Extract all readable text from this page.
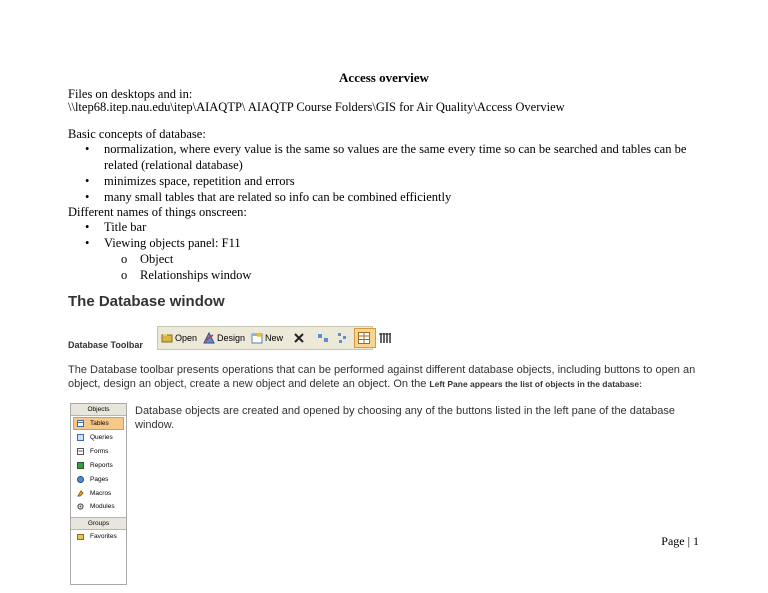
Access overview
Files on desktops and in:
\\ltep68.itep.nau.edu\itep\AIAQTP\ AIAQTP Course Folders\GIS for Air Quality\Access Overview
Basic concepts of database:
• normalization, where every value is the same so values are the same every time so can be searched and tables can be related (relational database)
• minimizes space, repetition and errors
• many small tables that are related so info can be combined efficiently
Different names of things onscreen:
• Title bar
• Viewing objects panel: F11
o Object
o Relationships window
The Database window
Database Toolbar
Open Design New
The Database toolbar presents operations that can be performed against different database objects, including buttons to open an object, design an object, create a new object and delete an object. On the Left Pane appears the list of objects in the database:
Objects
Tables
Queries
Forms
Reports
Pages
Macros
Modules
Groups
Favorites
Database objects are created and opened by choosing any of the buttons listed in the left pane of the database window.
Page | 1
